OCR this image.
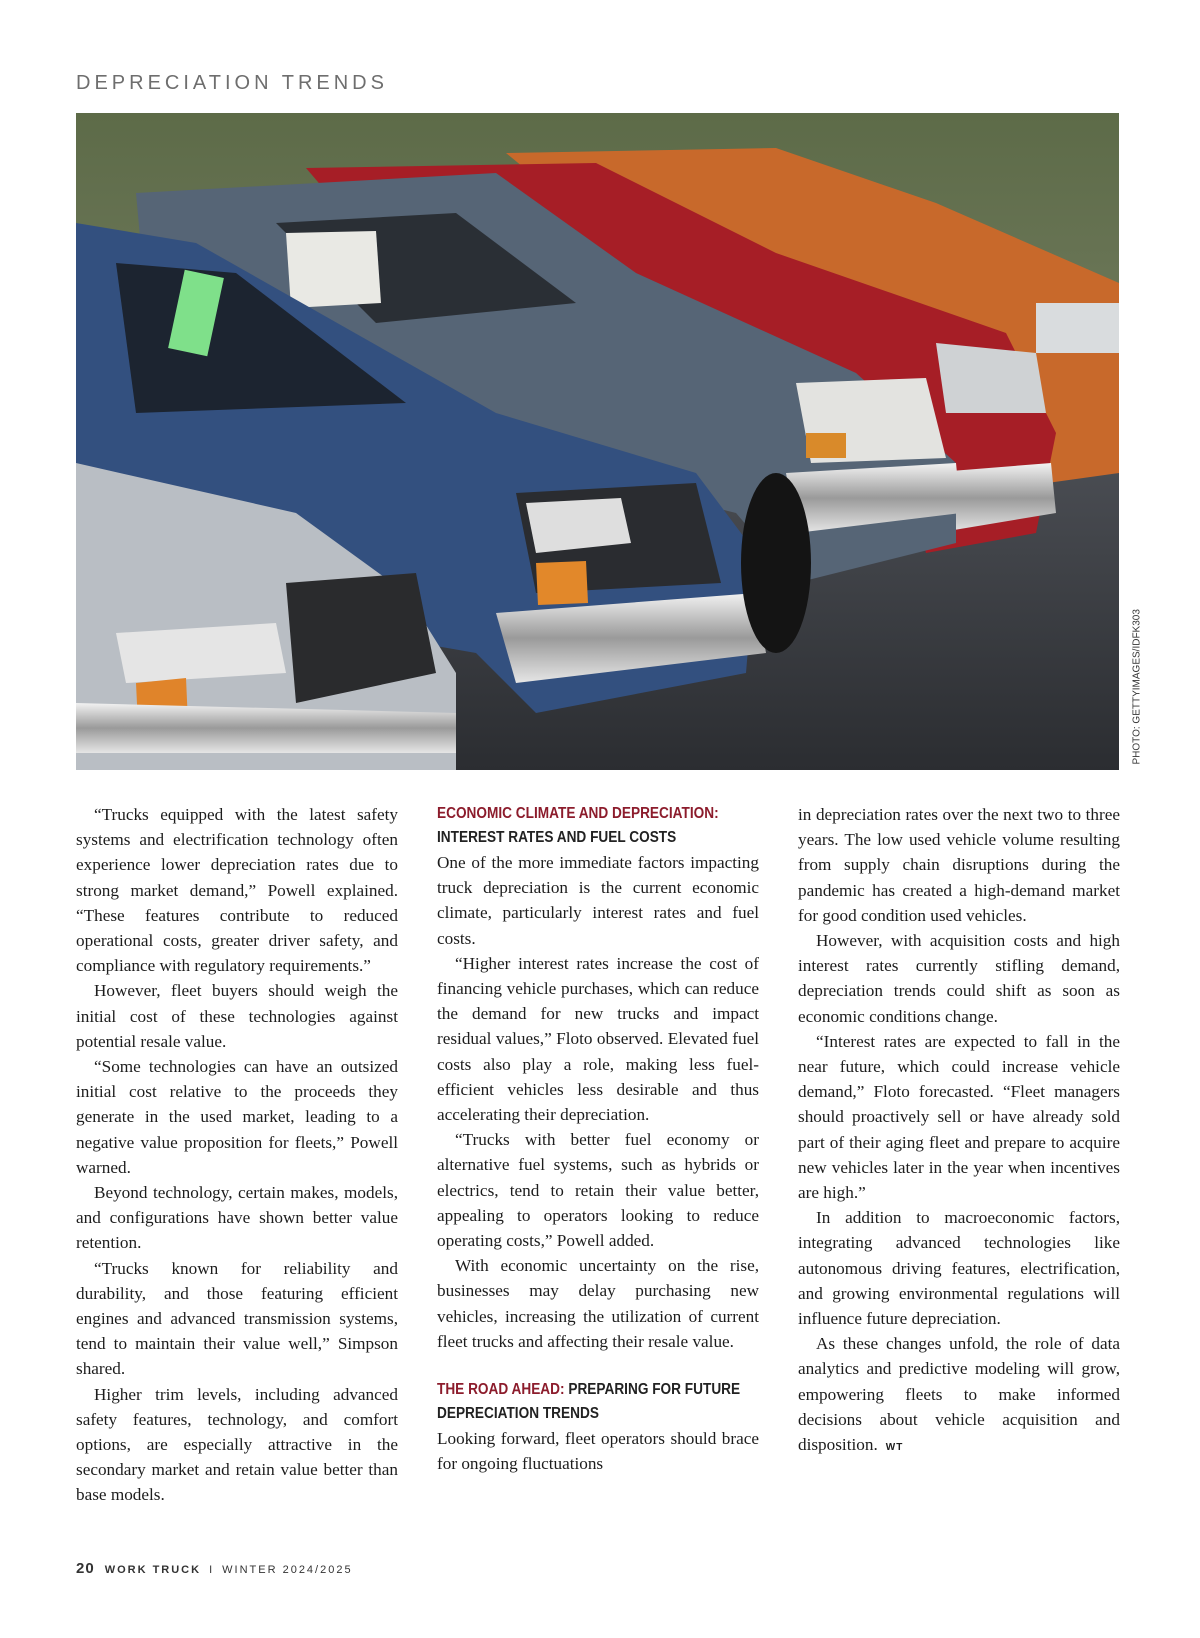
DEPRECIATION TRENDS
PHOTO: GETTYIMAGES/IDFK303

“Trucks equipped with the latest safety systems and electrification technology often experience lower depreciation rates due to strong market demand,” Powell explained. “These features contribute to reduced operational costs, greater driver safety, and compliance with regulatory requirements.”

However, fleet buyers should weigh the initial cost of these technologies against potential resale value.

“Some technologies can have an outsized initial cost relative to the proceeds they generate in the used market, leading to a negative value proposition for fleets,” Powell warned.

Beyond technology, certain makes, models, and configurations have shown better value retention.

“Trucks known for reliability and durability, and those featuring efficient engines and advanced transmission systems, tend to maintain their value well,” Simpson shared.

Higher trim levels, including advanced safety features, technology, and comfort options, are especially attractive in the secondary market and retain value better than base models.

ECONOMIC CLIMATE AND DEPRECIATION:
INTEREST RATES AND FUEL COSTS

One of the more immediate factors impacting truck depreciation is the current economic climate, particularly interest rates and fuel costs.

“Higher interest rates increase the cost of financing vehicle purchases, which can reduce the demand for new trucks and impact residual values,” Floto observed. Elevated fuel costs also play a role, making less fuel-efficient vehicles less desirable and thus accelerating their depreciation.

“Trucks with better fuel economy or alternative fuel systems, such as hybrids or electrics, tend to retain their value better, appealing to operators looking to reduce operating costs,” Powell added.

With economic uncertainty on the rise, businesses may delay purchasing new vehicles, increasing the utilization of current fleet trucks and affecting their resale value.

THE ROAD AHEAD: PREPARING FOR FUTURE
DEPRECIATION TRENDS

Looking forward, fleet operators should brace for ongoing fluctuations

in depreciation rates over the next two to three years. The low used vehicle volume resulting from supply chain disruptions during the pandemic has created a high-demand market for good condition used vehicles.

However, with acquisition costs and high interest rates currently stifling demand, depreciation trends could shift as soon as economic conditions change.

“Interest rates are expected to fall in the near future, which could increase vehicle demand,” Floto forecasted. “Fleet managers should proactively sell or have already sold part of their aging fleet and prepare to acquire new vehicles later in the year when incentives are high.”

In addition to macroeconomic factors, integrating advanced technologies like autonomous driving features, electrification, and growing environmental regulations will influence future depreciation.

As these changes unfold, the role of data analytics and predictive modeling will grow, empowering fleets to make informed decisions about vehicle acquisition and disposition. WT

20 WORK TRUCK I WINTER 2024/2025
